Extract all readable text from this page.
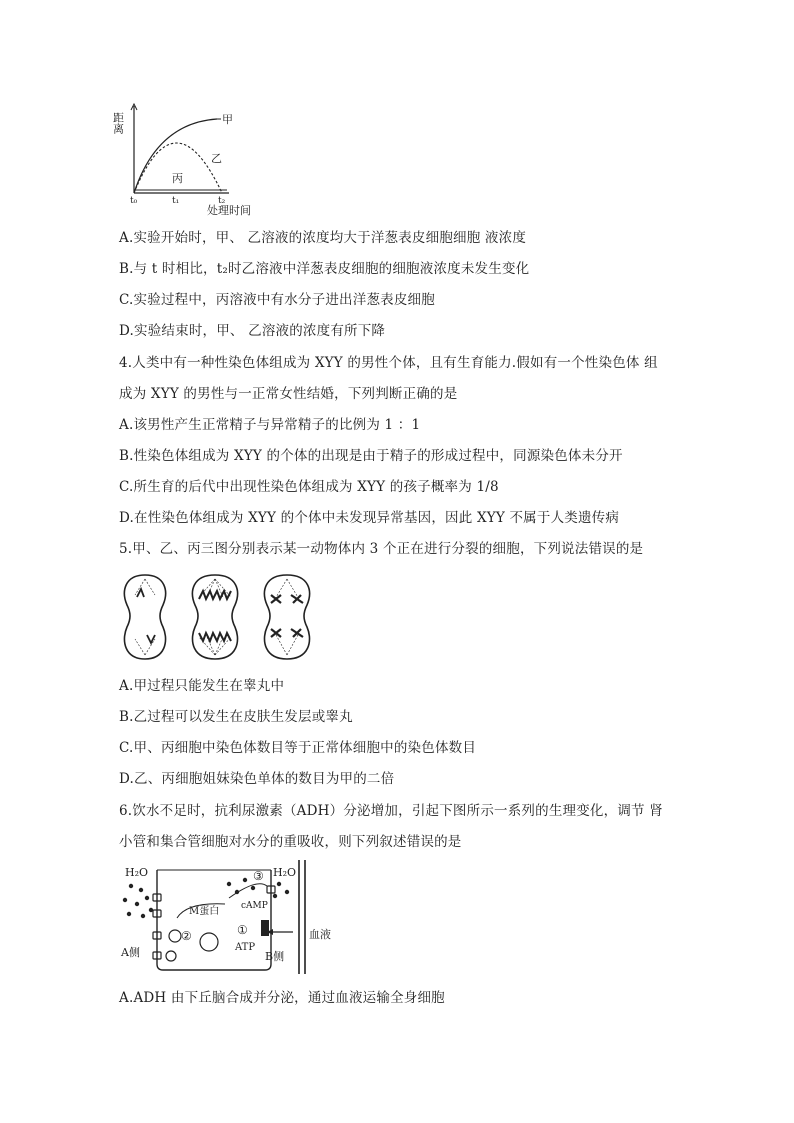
距离	甲
乙
丙
t₀	t₁	t₂
处理时间
A.实验开始时，甲、 乙溶液的浓度均大于洋葱表皮细胞细胞 液浓度
B.与 t 时相比，t₂时乙溶液中洋葱表皮细胞的细胞液浓度未发生变化
C.实验过程中，丙溶液中有水分子进出洋葱表皮细胞
D.实验结束时，甲、 乙溶液的浓度有所下降
4.人类中有一种性染色体组成为 XYY 的男性个体，且有生育能力.假如有一个性染色体 组
成为 XYY 的男性与一正常女性结婚，下列判断正确的是
A.该男性产生正常精子与异常精子的比例为 1 ：1
B.性染色体组成为 XYY 的个体的出现是由于精子的形成过程中，同源染色体未分开
C.所生育的后代中出现性染色体组成为 XYY 的孩子概率为 1/8
D.在性染色体组成为 XYY 的个体中未发现异常基因，因此 XYY 不属于人类遗传病
5.甲、乙、丙三图分别表示某一动物体内 3 个正在进行分裂的细胞，下列说法错误的是
A.甲过程只能发生在睾丸中
B.乙过程可以发生在皮肤生发层或睾丸
C.甲、丙细胞中染色体数目等于正常体细胞中的染色体数目
D.乙、丙细胞姐妹染色单体的数目为甲的二倍
6.饮水不足时，抗利尿激素（ADH）分泌增加，引起下图所示一系列的生理变化，调节 肾
小管和集合管细胞对水分的重吸收，则下列叙述错误的是
H₂O	H₂O
③
M蛋白 cAMP
②	①
ATP
A侧	B侧
血液
A.ADH 由下丘脑合成并分泌，通过血液运输全身细胞
